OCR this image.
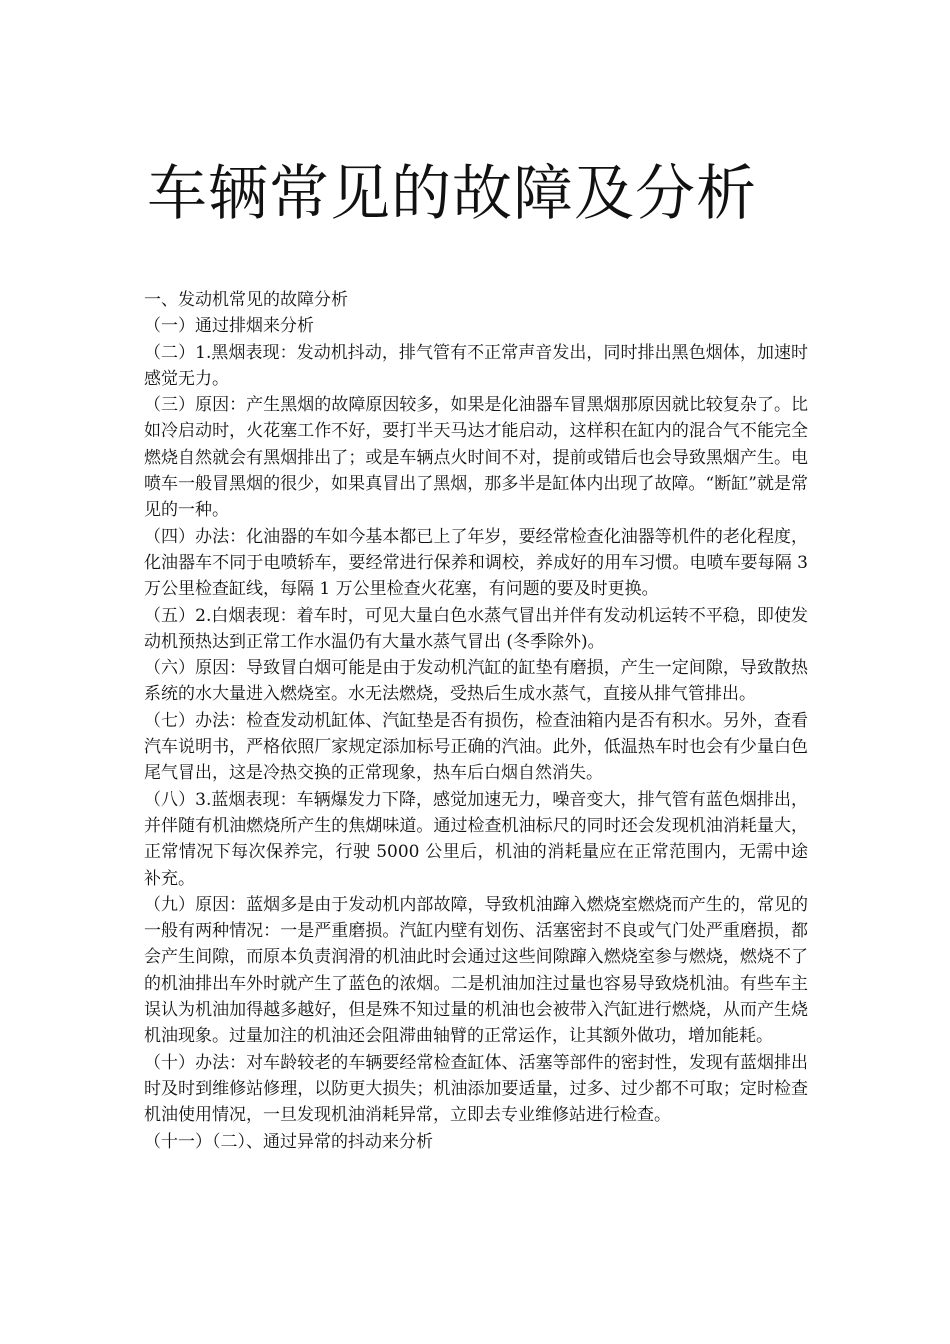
车辆常见的故障及分析

一、发动机常见的故障分析

（一）通过排烟来分析

（二）1.黑烟表现：发动机抖动，排气管有不正常声音发出，同时排出黑色烟体，加速时感觉无力。

（三）原因：产生黑烟的故障原因较多，如果是化油器车冒黑烟那原因就比较复杂了。比如冷启动时，火花塞工作不好，要打半天马达才能启动，这样积在缸内的混合气不能完全燃烧自然就会有黑烟排出了；或是车辆点火时间不对，提前或错后也会导致黑烟产生。电喷车一般冒黑烟的很少，如果真冒出了黑烟，那多半是缸体内出现了故障。“断缸”就是常见的一种。

（四）办法：化油器的车如今基本都已上了年岁，要经常检查化油器等机件的老化程度，化油器车不同于电喷轿车，要经常进行保养和调校，养成好的用车习惯。电喷车要每隔 3 万公里检查缸线，每隔 1 万公里检查火花塞，有问题的要及时更换。

（五）2.白烟表现：着车时，可见大量白色水蒸气冒出并伴有发动机运转不平稳，即使发动机预热达到正常工作水温仍有大量水蒸气冒出 (冬季除外)。

（六）原因：导致冒白烟可能是由于发动机汽缸的缸垫有磨损，产生一定间隙，导致散热系统的水大量进入燃烧室。水无法燃烧，受热后生成水蒸气，直接从排气管排出。

（七）办法：检查发动机缸体、汽缸垫是否有损伤，检查油箱内是否有积水。另外，查看汽车说明书，严格依照厂家规定添加标号正确的汽油。此外，低温热车时也会有少量白色尾气冒出，这是冷热交换的正常现象，热车后白烟自然消失。

（八）3.蓝烟表现：车辆爆发力下降，感觉加速无力，噪音变大，排气管有蓝色烟排出，并伴随有机油燃烧所产生的焦煳味道。通过检查机油标尺的同时还会发现机油消耗量大，正常情况下每次保养完，行驶 5000 公里后，机油的消耗量应在正常范围内，无需中途补充。

（九）原因：蓝烟多是由于发动机内部故障，导致机油蹿入燃烧室燃烧而产生的，常见的一般有两种情况：一是严重磨损。汽缸内壁有划伤、活塞密封不良或气门处严重磨损，都会产生间隙，而原本负责润滑的机油此时会通过这些间隙蹿入燃烧室参与燃烧，燃烧不了的机油排出车外时就产生了蓝色的浓烟。二是机油加注过量也容易导致烧机油。有些车主误认为机油加得越多越好，但是殊不知过量的机油也会被带入汽缸进行燃烧，从而产生烧机油现象。过量加注的机油还会阻滞曲轴臂的正常运作，让其额外做功，增加能耗。

（十）办法：对车龄较老的车辆要经常检查缸体、活塞等部件的密封性，发现有蓝烟排出时及时到维修站修理，以防更大损失；机油添加要适量，过多、过少都不可取；定时检查机油使用情况，一旦发现机油消耗异常，立即去专业维修站进行检查。

（十一）（二）、通过异常的抖动来分析
